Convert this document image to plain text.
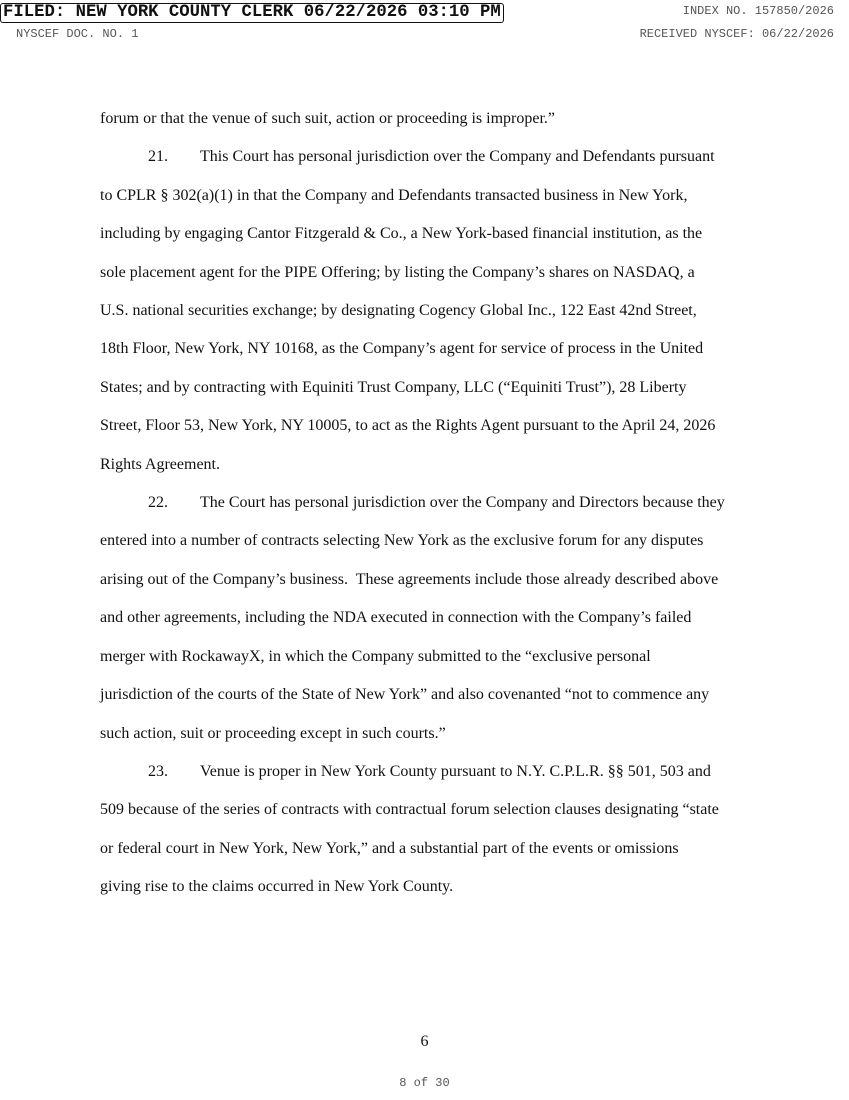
FILED: NEW YORK COUNTY CLERK 06/22/2026 03:10 PM	INDEX NO. 157850/2026
NYSCEF DOC. NO. 1	RECEIVED NYSCEF: 06/22/2026

forum or that the venue of such suit, action or proceeding is improper.”

21. This Court has personal jurisdiction over the Company and Defendants pursuant
to CPLR § 302(a)(1) in that the Company and Defendants transacted business in New York,
including by engaging Cantor Fitzgerald & Co., a New York-based financial institution, as the
sole placement agent for the PIPE Offering; by listing the Company’s shares on NASDAQ, a
U.S. national securities exchange; by designating Cogency Global Inc., 122 East 42nd Street,
18th Floor, New York, NY 10168, as the Company’s agent for service of process in the United
States; and by contracting with Equiniti Trust Company, LLC (“Equiniti Trust”), 28 Liberty
Street, Floor 53, New York, NY 10005, to act as the Rights Agent pursuant to the April 24, 2026
Rights Agreement.

22. The Court has personal jurisdiction over the Company and Directors because they
entered into a number of contracts selecting New York as the exclusive forum for any disputes
arising out of the Company’s business.  These agreements include those already described above
and other agreements, including the NDA executed in connection with the Company’s failed
merger with RockawayX, in which the Company submitted to the “exclusive personal
jurisdiction of the courts of the State of New York” and also covenanted “not to commence any
such action, suit or proceeding except in such courts.”

23. Venue is proper in New York County pursuant to N.Y. C.P.L.R. §§ 501, 503 and
509 because of the series of contracts with contractual forum selection clauses designating “state
or federal court in New York, New York,” and a substantial part of the events or omissions
giving rise to the claims occurred in New York County.

6
8 of 30
